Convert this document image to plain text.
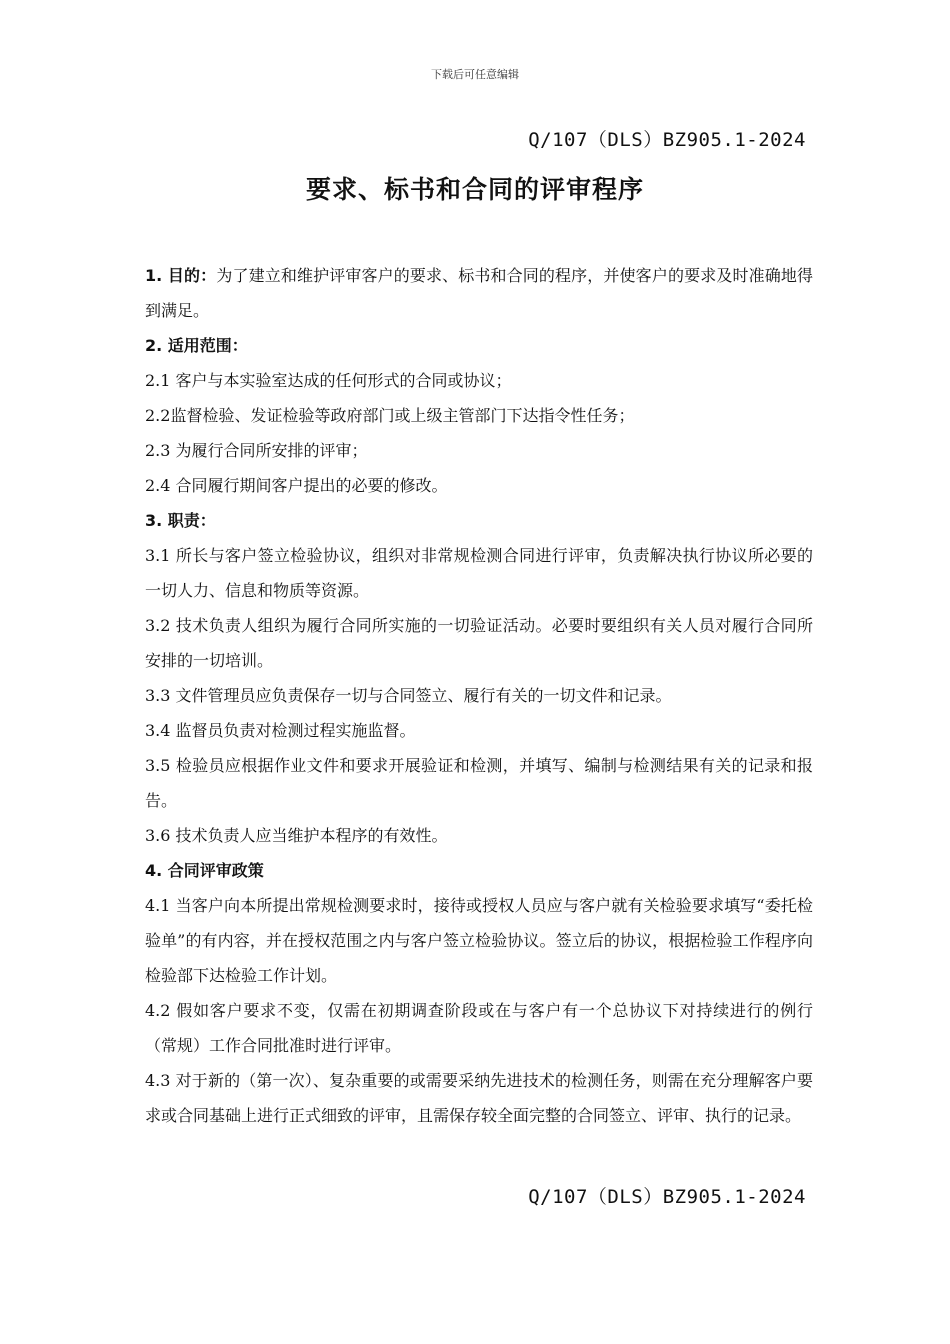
下载后可任意编辑
Q/107（DLS）BZ905.1-2024
要求、标书和合同的评审程序

1. 目的：为了建立和维护评审客户的要求、标书和合同的程序，并使客户的要求及时准确地得到满足。

2. 适用范围：

2.1 客户与本实验室达成的任何形式的合同或协议；

2.2监督检验、发证检验等政府部门或上级主管部门下达指令性任务；

2.3 为履行合同所安排的评审；

2.4 合同履行期间客户提出的必要的修改。

3. 职责：

3.1 所长与客户签立检验协议，组织对非常规检测合同进行评审，负责解决执行协议所必要的一切人力、信息和物质等资源。

3.2 技术负责人组织为履行合同所实施的一切验证活动。必要时要组织有关人员对履行合同所安排的一切培训。

3.3 文件管理员应负责保存一切与合同签立、履行有关的一切文件和记录。

3.4 监督员负责对检测过程实施监督。

3.5 检验员应根据作业文件和要求开展验证和检测，并填写、编制与检测结果有关的记录和报告。

3.6 技术负责人应当维护本程序的有效性。

4. 合同评审政策

4.1 当客户向本所提出常规检测要求时，接待或授权人员应与客户就有关检验要求填写“委托检验单”的有内容，并在授权范围之内与客户签立检验协议。签立后的协议，根据检验工作程序向检验部下达检验工作计划。

4.2 假如客户要求不变，仅需在初期调查阶段或在与客户有一个总协议下对持续进行的例行（常规）工作合同批准时进行评审。

4.3 对于新的（第一次）、复杂重要的或需要采纳先进技术的检测任务，则需在充分理解客户要求或合同基础上进行正式细致的评审，且需保存较全面完整的合同签立、评审、执行的记录。

Q/107（DLS）BZ905.1-2024
